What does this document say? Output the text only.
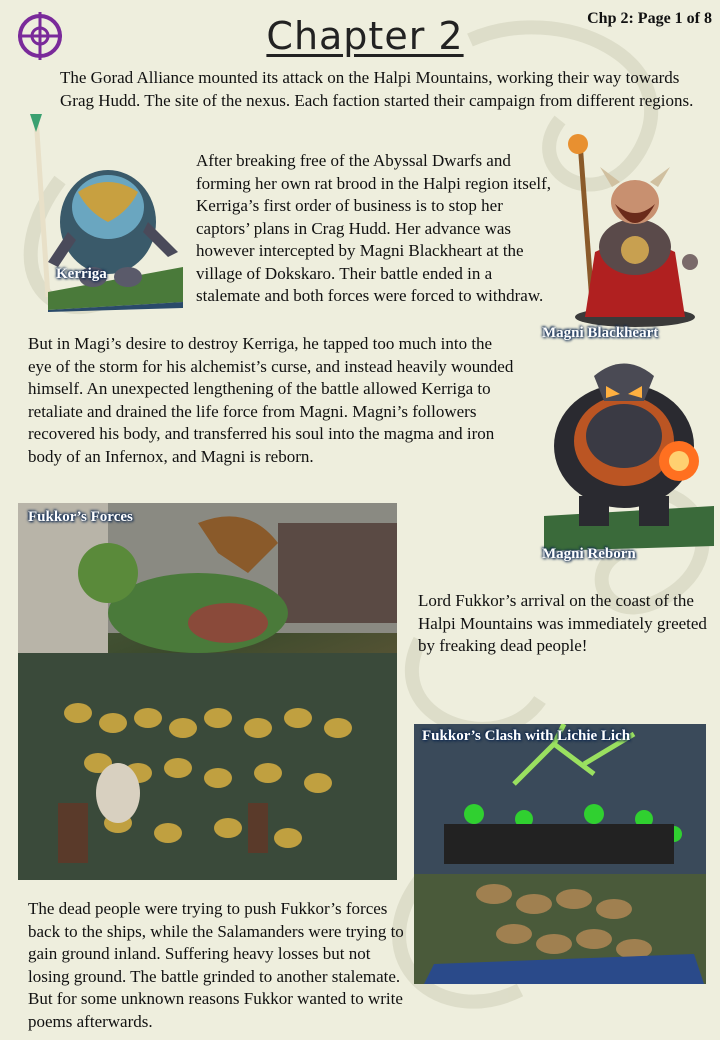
Chapter 2	Chp 2: Page 1 of 8
The Gorad Alliance mounted its attack on the Halpi Mountains, working their way towards Grag Hudd. The site of the nexus. Each faction started their campaign from different regions.
After breaking free of the Abyssal Dwarfs and forming her own rat brood in the Halpi region itself, Kerriga’s first order of business is to stop her captors’ plans in Crag Hudd. Her advance was however intercepted by Magni Blackheart at the village of Dokskaro. Their battle ended in a stalemate and both forces were forced to withdraw.
But in Magi’s desire to destroy Kerriga, he tapped too much into the eye of the storm for his alchemist’s curse, and instead heavily wounded himself. An unexpected lengthening of the battle allowed Kerriga to retaliate and drained the life force from Magni. Magni’s followers recovered his body, and transferred his soul into the magma and iron body of an Infernox, and Magni is reborn.
Lord Fukkor’s arrival on the coast of the Halpi Mountains was immediately greeted by freaking dead people!
The dead people were trying to push Fukkor’s forces back to the ships, while the Salamanders were trying to gain ground inland. Suffering heavy losses but not losing ground. The battle grinded to another stalemate. But for some unknown reasons Fukkor wanted to write poems afterwards.
Kerriga
Magni Blackheart
Magni Reborn
Fukkor’s Forces
Fukkor’s Clash with Lichie Lich
